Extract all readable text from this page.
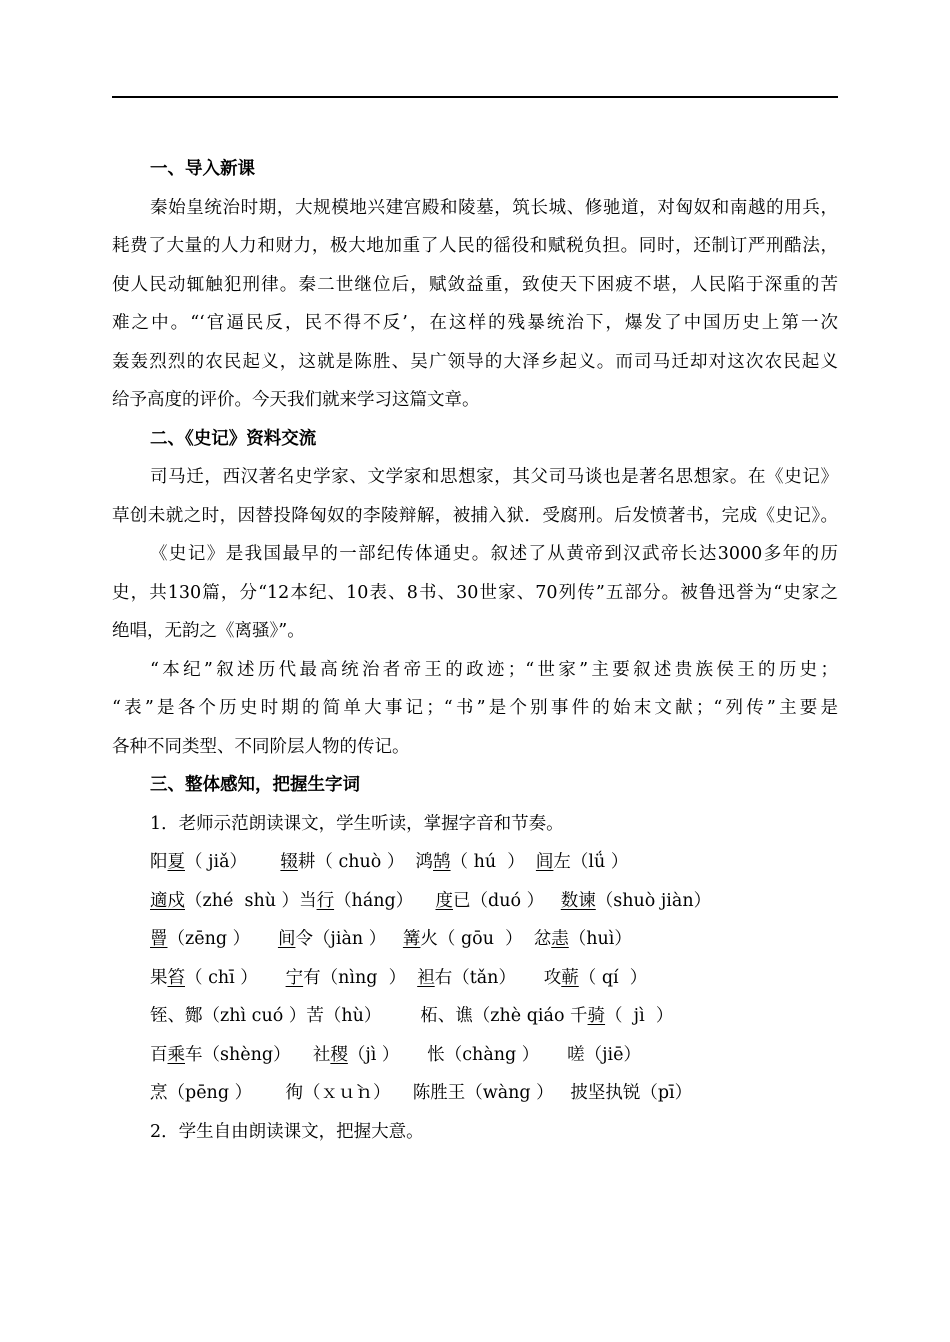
一、导入新课
秦始皇统治时期，大规模地兴建宫殿和陵墓，筑长城、修驰道，对匈奴和南越的用兵，
耗费了大量的人力和财力，极大地加重了人民的徭役和赋税负担。同时，还制订严刑酷法，
使人民动辄触犯刑律。秦二世继位后，赋敛益重，致使天下困疲不堪，人民陷于深重的苦
难之中。“‘官逼民反，民不得不反’，在这样的残暴统治下，爆发了中国历史上第一次
轰轰烈烈的农民起义，这就是陈胜、吴广领导的大泽乡起义。而司马迁却对这次农民起义
给予高度的评价。今天我们就来学习这篇文章。
二、《史记》资料交流
司马迁，西汉著名史学家、文学家和思想家，其父司马谈也是著名思想家。在《史记》
草创未就之时，因替投降匈奴的李陵辩解，被捕入狱．受腐刑。后发愤著书，完成《史记》。
《史记》是我国最早的一部纪传体通史。叙述了从黄帝到汉武帝长达3000多年的历
史，共130篇，分“12本纪、10表、8书、30世家、70列传”五部分。被鲁迅誉为“史家之
绝唱，无韵之《离骚》”。
“本纪”叙述历代最高统治者帝王的政迹；“世家”主要叙述贵族侯王的历史；
“表”是各个历史时期的简单大事记；“书”是个别事件的始末文献；“列传”主要是
各种不同类型、不同阶层人物的传记。
三、整体感知，把握生字词
1．老师示范朗读课文，学生听读，掌握字音和节奏。
阳夏（ jiǎ） 辍耕（ chuò ） 鸿鹄（ hú  ） 闾左（lǘ ）
適戍（zhé  shù ） 当行（háng） 度已（duó ） 数谏（shuò jiàn）
罾（zēng ） 间令（jiàn ） 篝火（ gōu  ） 忿恚（huì）
果笞（ chī ） 宁有（nìng  ） 袒右（tǎn） 攻蕲（ qí  ）
铚、酂（zhì cuó ）苦（hù）       柘、谯（zhè qiáo 千骑（  jì  ）
百乘车（shèng） 社稷（jì ） 怅（chàng ）     嗟（jiē）
烹（pēng ）      徇（ｘｕ̀ｎ）    陈胜王（wàng ）   披坚执锐（pī）
2．学生自由朗读课文，把握大意。
